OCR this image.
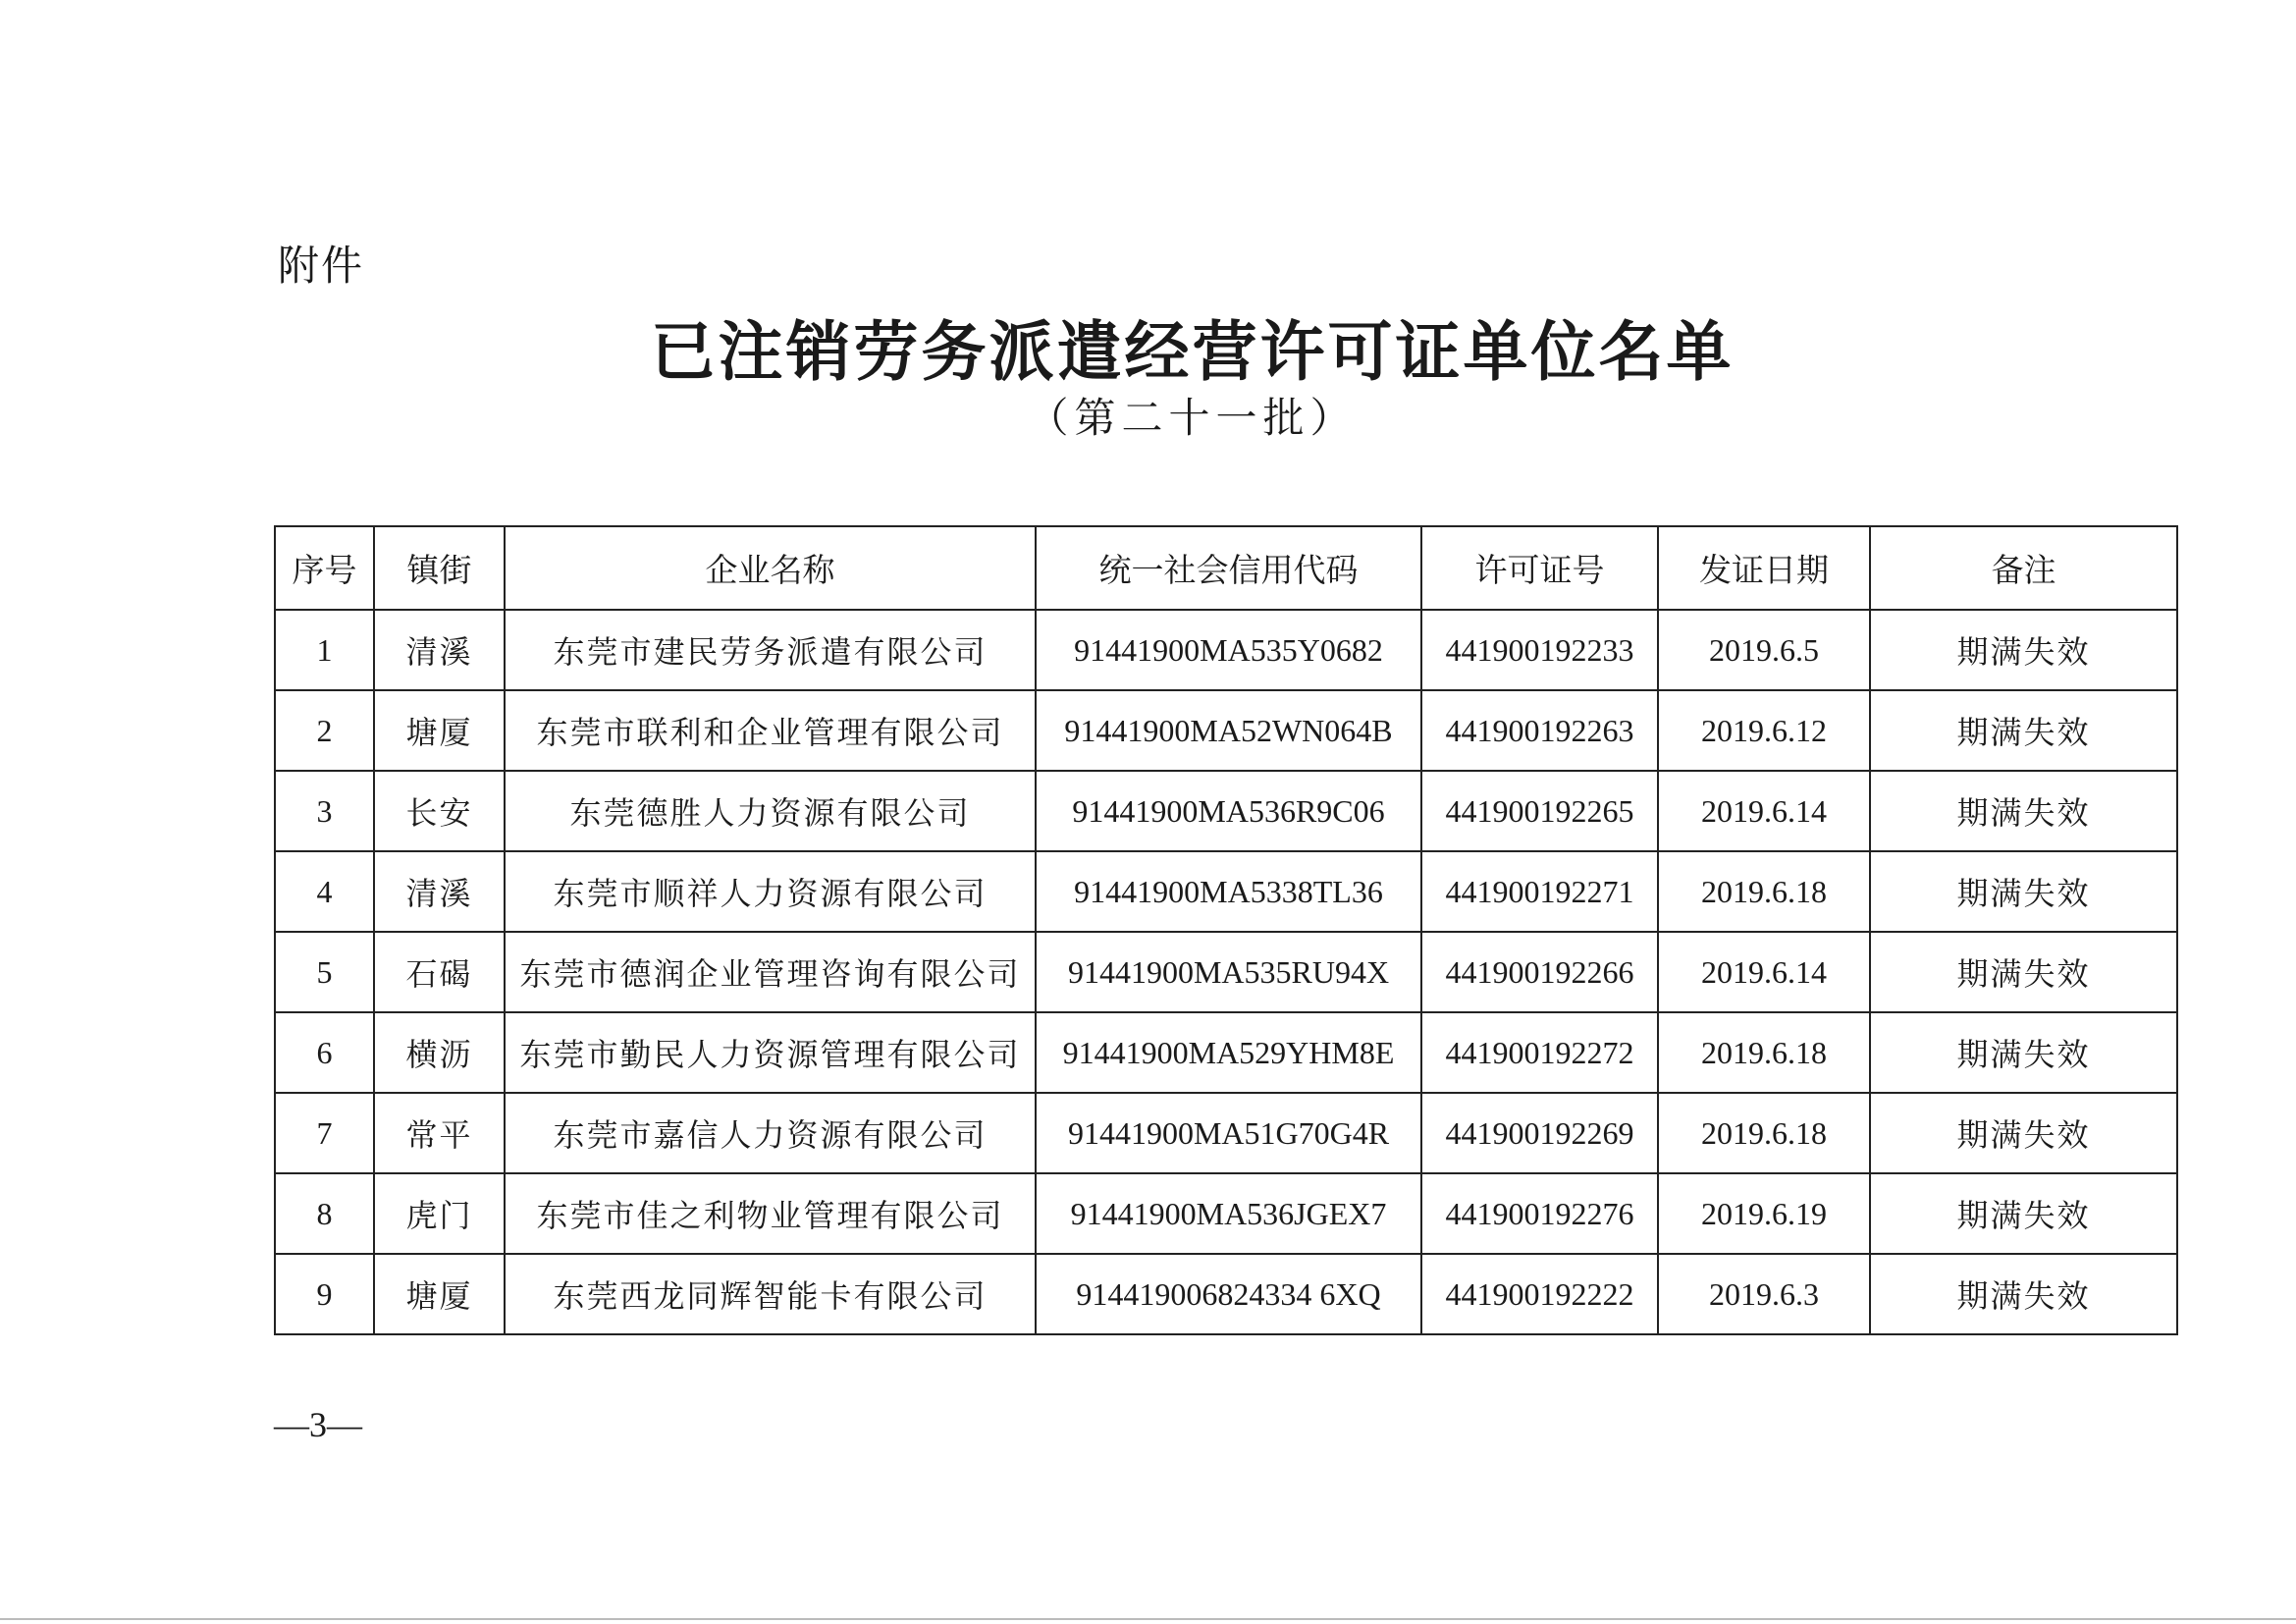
附件
已注销劳务派遣经营许可证单位名单
（第二十一批）
序号	镇街	企业名称	统一社会信用代码	许可证号	发证日期	备注
1	清溪	东莞市建民劳务派遣有限公司	91441900MA535Y0682	441900192233	2019.6.5	期满失效
2	塘厦	东莞市联利和企业管理有限公司	91441900MA52WN064B	441900192263	2019.6.12	期满失效
3	长安	东莞德胜人力资源有限公司	91441900MA536R9C06	441900192265	2019.6.14	期满失效
4	清溪	东莞市顺祥人力资源有限公司	91441900MA5338TL36	441900192271	2019.6.18	期满失效
5	石碣	东莞市德润企业管理咨询有限公司	91441900MA535RU94X	441900192266	2019.6.14	期满失效
6	横沥	东莞市勤民人力资源管理有限公司	91441900MA529YHM8E	441900192272	2019.6.18	期满失效
7	常平	东莞市嘉信人力资源有限公司	91441900MA51G70G4R	441900192269	2019.6.18	期满失效
8	虎门	东莞市佳之利物业管理有限公司	91441900MA536JGEX7	441900192276	2019.6.19	期满失效
9	塘厦	东莞西龙同辉智能卡有限公司	914419006824334 6XQ	441900192222	2019.6.3	期满失效
—3—
